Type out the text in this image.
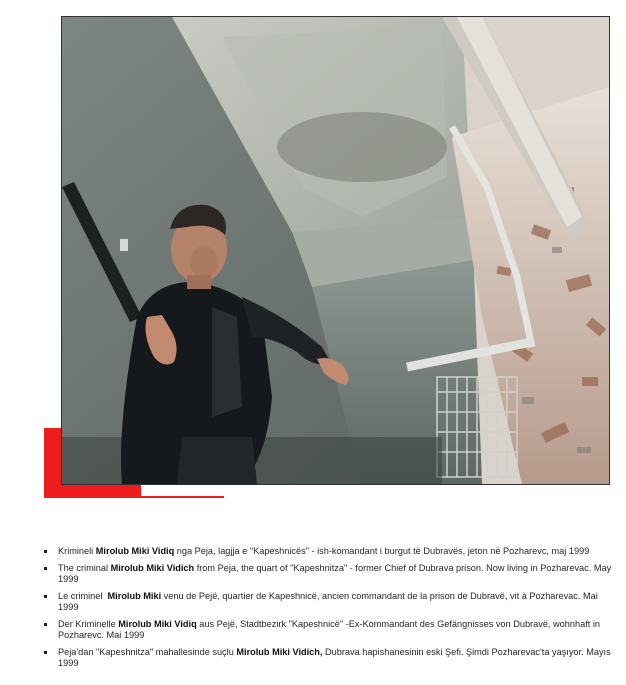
Krimineli Mirolub Miki Vidiq nga Peja, lagjja e "Kapeshnicës" - ish-komandant i burgut të Dubravës, jeton në Pozharevc, maj 1999
The criminal Mirolub Miki Vidich from Peja, the quart of "Kapeshnitza" - former Chief of Dubrava prison. Now living in Pozharevac. May 1999
Le criminel  Mirolub Miki venu de Pejë, quartier de Kapeshnicë, ancien commandant de la prison de Dubravë, vit à Pozharevac. Mai 1999
Der Kriminelle Mirolub Miki Vidiq aus Pejë, Stadtbezirk "Kapeshnicë" -Ex-Kommandant des Gefängnisses von Dubravë, wohnhaft in Pozharevc. Mai 1999
Peja'dan "Kapeshnitza" mahallesinde suçlu Mirolub Miki Vidich, Dubrava hapishanesinin eski Şefi. Şimdi Pozharevac'ta yaşıyor. Mayıs 1999
